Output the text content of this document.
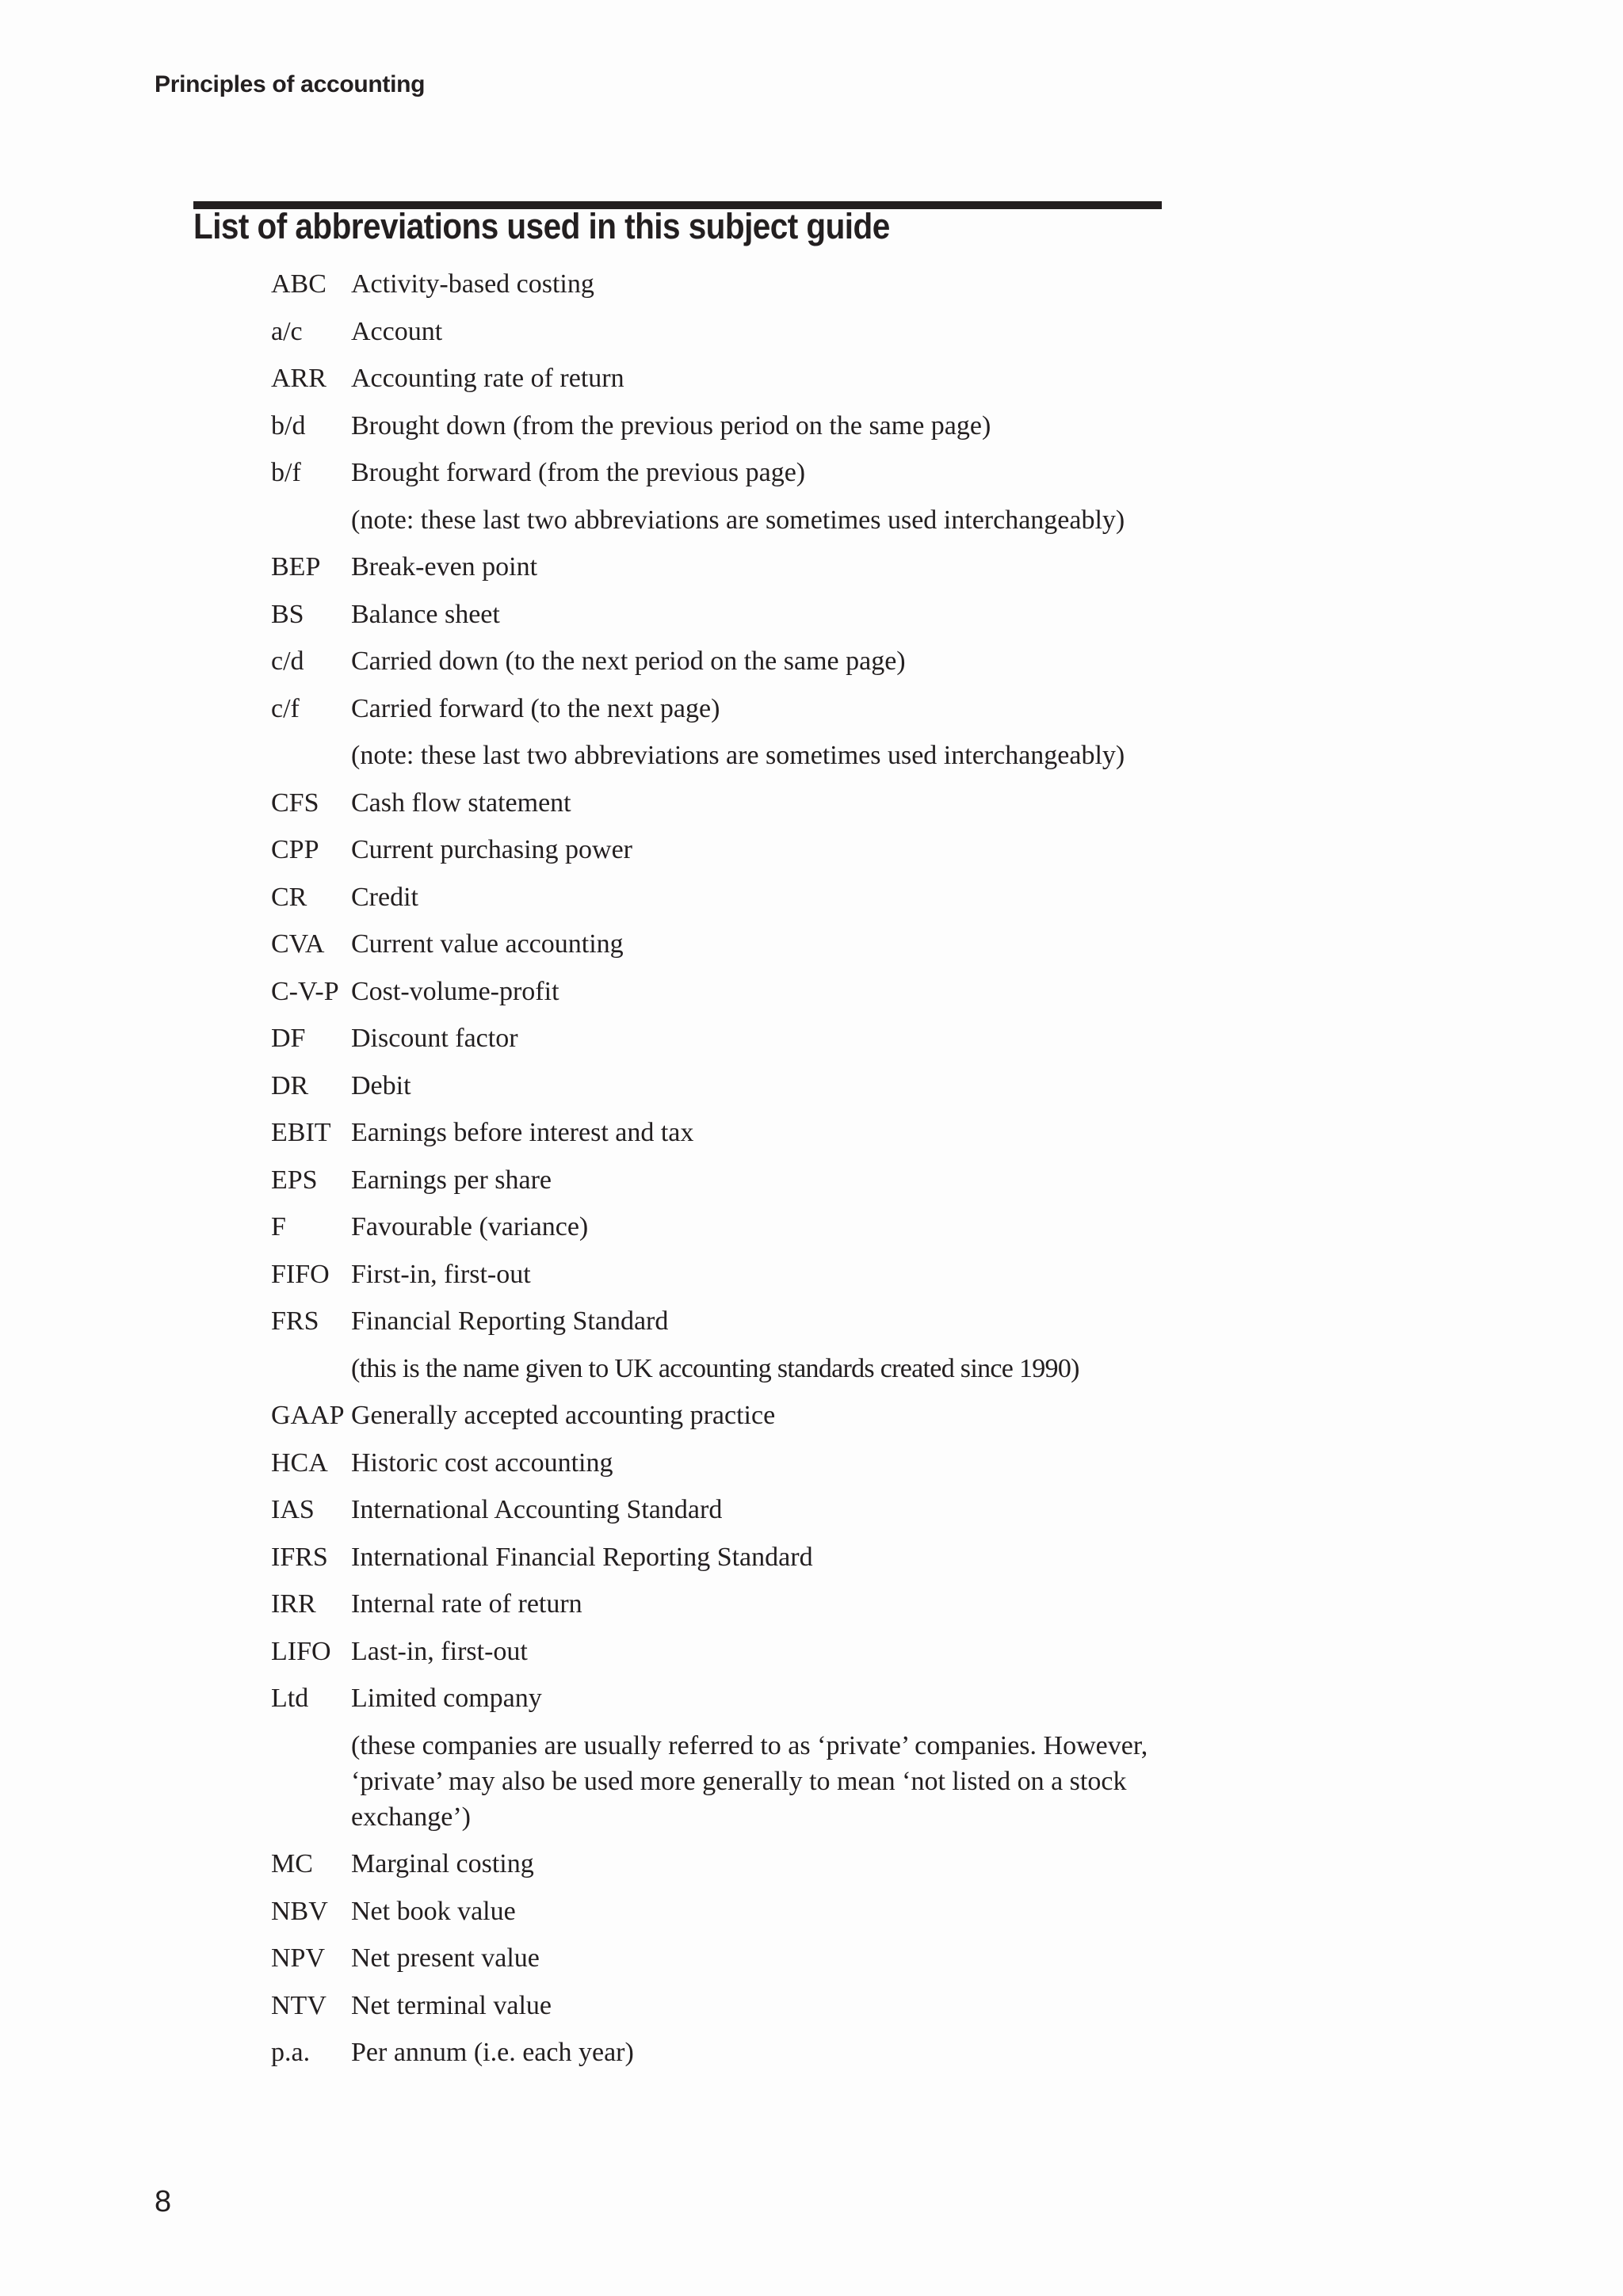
Principles of accounting
List of abbreviations used in this subject guide
ABC Activity-based costing
a/c	Account
ARR Accounting rate of return
b/d	Brought down (from the previous period on the same page)
b/f	Brought forward (from the previous page)
(note: these last two abbreviations are sometimes used interchangeably)
BEP	Break-even point
BS	Balance sheet
c/d	Carried down (to the next period on the same page)
c/f	Carried forward (to the next page)
(note: these last two abbreviations are sometimes used interchangeably)
CFS	Cash flow statement
CPP	Current purchasing power
CR	Credit
CVA Current value accounting
C-V-P Cost-volume-profit
DF	Discount factor
DR	Debit
EBIT Earnings before interest and tax
EPS	Earnings per share
F	Favourable (variance)
FIFO First-in, first-out
FRS	Financial Reporting Standard
(this is the name given to UK accounting standards created since 1990)
GAAP Generally accepted accounting practice
HCA Historic cost accounting
IAS	International Accounting Standard
IFRS International Financial Reporting Standard
IRR	Internal rate of return
LIFO Last-in, first-out
Ltd	Limited company
(these companies are usually referred to as ‘private’ companies. However, ‘private’ may also be used more generally to mean ‘not listed on a stock exchange’)
MC	Marginal costing
NBV Net book value
NPV Net present value
NTV Net terminal value
p.a.	Per annum (i.e. each year)
8
